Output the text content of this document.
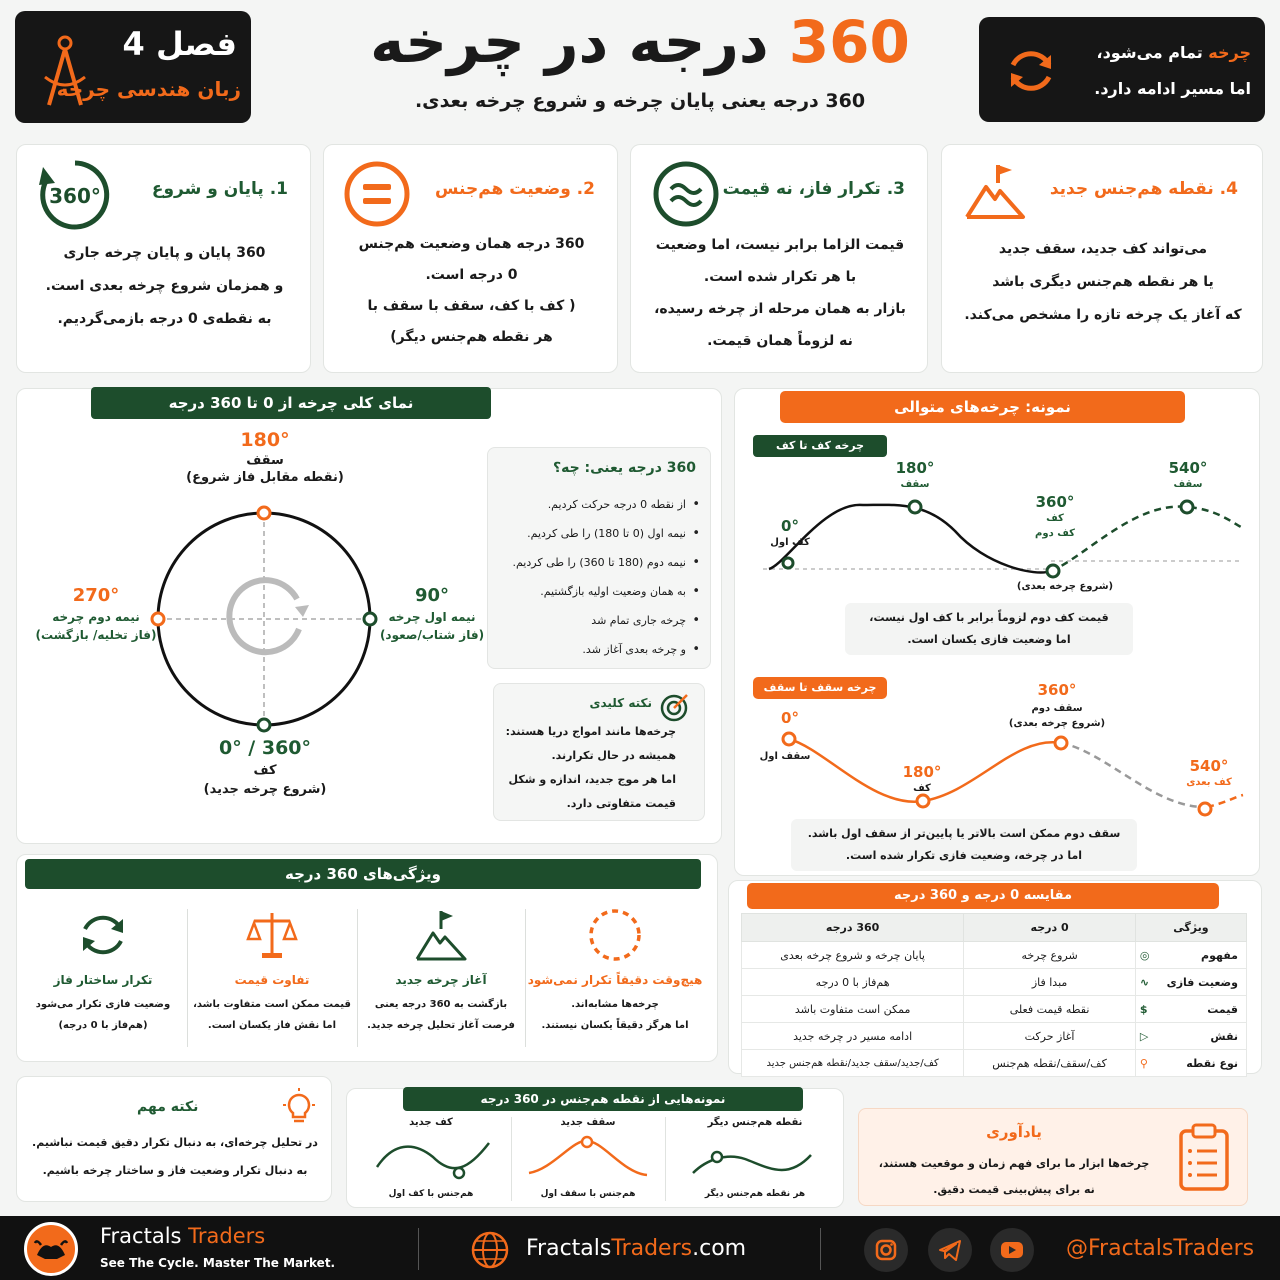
فصل 4
زبان هندسی چرخه
360 درجه در چرخه
360 درجه یعنی پایان چرخه و شروع چرخه بعدی.
چرخه تمام می‌شود،
اما مسیر ادامه دارد.
360°	1. پایان و شروع
360 پایان و پایان چرخه جاری
و همزمان شروع چرخه بعدی است.
به نقطه‌ی 0 درجه بازمی‌گردیم.
2. وضعیت هم‌جنس
360 درجه همان وضعیت هم‌جنس
0 درجه است.
( کف با کف، سقف با سقف با
هر نقطه هم‌جنس دیگر)
3. تکرار فاز، نه قیمت
قیمت الزاما برابر نیست، اما وضعیت
با هر تکرار شده است.
بازار به همان مرحله از چرخه رسیده،
نه لزوماً همان قیمت.
4. نقطه هم‌جنس جدید
می‌تواند کف جدید، سقف جدید
یا هر نقطه هم‌جنس دیگری باشد
که آغاز یک چرخه تازه را مشخص می‌کند.
نمای کلی چرخه از 0 تا 360 درجه
180°
سقف
(نقطه مقابل فاز شروع)
90°
نیمه اول چرخه
(فاز شتاب/صعود)
270°
نیمه دوم چرخه
(فاز تخلیه/ بازگشت)
0° / 360°
کف
(شروع چرخه جدید)
360 درجه یعنی: چه؟
• از نقطه 0 درجه حرکت کردیم.
• نیمه اول (0 تا 180) را طی کردیم.
• نیمه دوم (180 تا 360) را طی کردیم.
• به همان وضعیت اولیه بازگشتیم.
• چرخه جاری تمام شد
• و چرخه بعدی آغاز شد.
نکته کلیدی
چرخه‌ها مانند امواج دریا هستند:
همیشه در حال تکرارند.
اما هر موج جدید، اندازه و شکل
قیمت متفاوتی دارد.
نمونه: چرخه‌های متوالی
چرخه کف تا کف
0°
کف اول
180°
سقف
360°
کف
کف دوم
(شروع چرخه بعدی)
540°
سقف
قیمت کف دوم لزوماً برابر با کف اول نیست،
اما وضعیت فازی یکسان است.
چرخه سقف تا سقف
0°
سقف اول
180°
کف
360°
سقف دوم
(شروع چرخه بعدی)
540°
کف بعدی
سقف دوم ممکن است بالاتر یا پایین‌تر از سقف اول باشد.
اما در چرخه، وضعیت فازی تکرار شده است.
ویژگی‌های 360 درجه
هیچ‌وقت دقیقاً تکرار نمی‌شود
چرخه‌ها مشابه‌اند.
اما هرگز دقیقاً یکسان نیستند.
آغاز چرخه جدید
بازگشت به 360 درجه یعنی
فرصت آغاز تحلیل چرخه جدید.
تفاوت قیمت
قیمت ممکن است متفاوت باشد،
اما نقش فاز یکسان است.
تکرار ساختار فاز
وضعیت فازی تکرار می‌شود
(هم‌فاز با 0 درجه)
مقایسه 0 درجه و 360 درجه
ویژگی	0 درجه	360 درجه

◎ مفهوم	شروع چرخه	پایان چرخه و شروع چرخه بعدی

∿ وضعیت فازی	مبدا فاز	هم‌فاز با 0 درجه

$ قیمت	نقطه قیمت فعلی	ممکن است متفاوت باشد

▷ نقش	آغاز حرکت	ادامه مسیر در چرخه جدید

⚲ نوع نقطه	کف/سقف/نقطه هم‌جنس	کف/جدید/سقف جدید/نقطه هم‌جنس جدید
نکته مهم
در تحلیل چرخه‌ای، به دنبال تکرار دقیق قیمت نباشیم.
به دنبال تکرار وضعیت فاز و ساختار چرخه باشیم.
نمونه‌هایی از نقطه هم‌جنس در 360 درجه
نقطه هم‌جنس دیگر
هر نقطه هم‌جنس دیگر
سقف جدید
هم‌جنس با سقف اول
کف جدید
هم‌جنس با کف اول
یادآوری
چرخه‌ها ابزار ما برای فهم زمان و موقعیت هستند،
نه برای پیش‌بینی قیمت دقیق.
Fractals Traders
See The Cycle. Master The Market.
FractalsTraders.com	@FractalsTraders
